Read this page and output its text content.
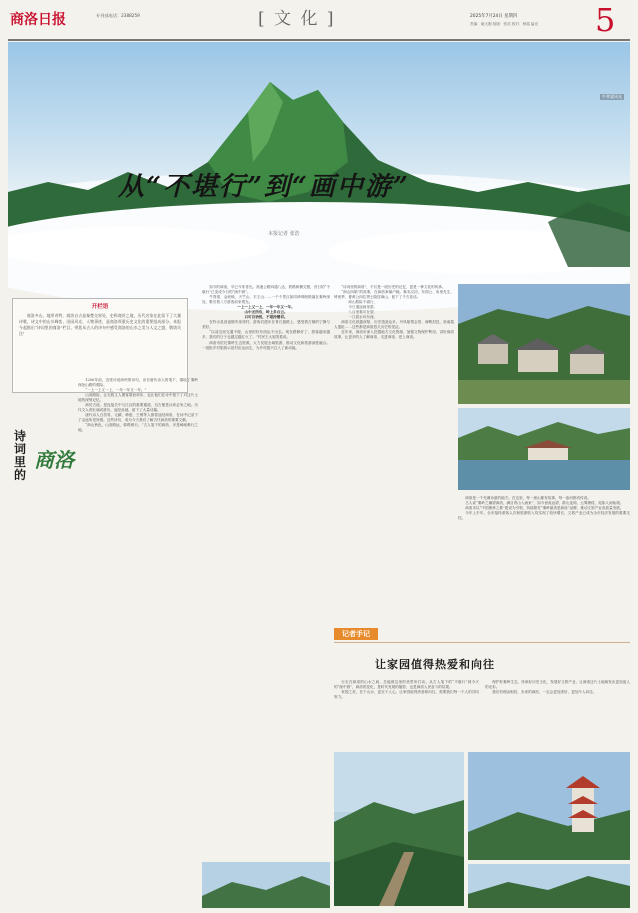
商洛日报	专刊部电话：2388259	[ 文 化 ]	2025年7月24日 星期四
责编：童大刚 组版：张浩 校对：杨铭 猛光 5
牛背梁风光
从“不堪行”到“画中游”
本报记者 张浩
开栏语
商洛多山，地形奇特，商洛自古是秦楚交界处，史称商於之地，历代名家在此留下了大量诗歌，诗文中的山川峰峦、田园风光、人物事迹，是商洛厚重历史文化的重要组成部分。本报今起推出“诗词里的商洛”栏目，带您从古人的诗句中感受商洛的山水之美与人文之盛，敬请关注！
诗词里的
商洛

1200年前，近张评说商州的诗句，出自唐代诗人的笔下，描绘了秦岭深处山路的艰险。

“一上一上又一上，一年一年又一年。”

山高路险，让无数文人墨客望而却步，也让他们在诗中留下了对这片土地的深刻记忆。

商於古道，是连接关中与江汉的重要通道，自古便是兵家必争之地。历代文人或贬谪或游历，途经此地，留下了大量诗篇。

唐代诗人白居易、元稹、韩愈、王维等人都曾途经商洛，在诗中记录下了沿途所见所感。这些诗句，成为今天我们了解古代商洛的重要文献。

“商山秋色，山高路远，驿路难行。”古人笔下的商洛，多是崎岖难行之地。

如今的商洛，早已今非昔比。高速公路四通八达，铁路纵横交错，昔日的“不堪行”已变成今日的“画中游”。

牛背梁、金丝峡、天竺山、木王山……一个个景区如同珍珠般散落在秦岭深处，吸引着八方游客前来观光。

一上一上又一上，一年一年又一年。

山中无所有，岭上多白云。

只可自怡悦，不堪持赠君。

在柞水县营盘镇朱家湾村，游客们漫步在青石板路上，感受着古镇的宁静与美好。

“以前这里交通不便，山里的好东西运不出去。现在路修好了，游客越来越多，我们的日子也越过越红火了。”村民王大姐笑着说。

商洛市依托秦岭生态资源，大力发展全域旅游，推动文化和旅游深度融合。一批批乡村旅游示范村应运而生，为乡村振兴注入了新动能。

“诗词里的商洛”，不仅是一段历史的记忆，更是一种文化的传承。

“商山四皓”的故事，在商洛家喻户晓。秦末汉初，东园公、甪里先生、绮里季、夏黄公四位贤士隐居商山，留下了千古佳话。

商山路险不堪行，

今日通途画里游。

八百里秦川在望，

一江碧水向东流。

商洛文化底蕴深厚，历史遗迹众多。丹凤船帮会馆、商鞅封邑、洛南猿人遗址……这些都是商洛悠久历史的见证。

近年来，商洛市深入挖掘地方文化资源，加强文物保护利用，讲好商洛故事，让更多的人了解商洛、走进商洛、爱上商洛。

商洛是一个充满诗意的地方。在这里，每一座山都有故事，每一条河都有传说。

古人说“秦岭之巅望商洛，满目青山入画来”，如今登高远望，群山连绵，云雾缭绕，宛如人间仙境。

商洛市以“中国康养之都”建设为引领，持续擦亮“秦岭最美是商洛”品牌，推动文旅产业高质量发展。

今年上半年，全市接待游客人次和旅游收入均实现了较快增长，文旅产业已成为全市经济发展的重要支柱。

记者手记
让家园值得热爱和向往

行走在商洛的山水之间，总能被这里的美景所打动。从古人笔下的“不堪行”到今天的“画中游”，商洛的变化，是时代发展的缩影，也是商洛人民奋斗的结果。

家园之美，在于山水，更在于人心。让家园值得热爱和向往，需要我们每一个人的共同努力。

保护好秦岭生态，传承好历史文化，发展好文旅产业，让商洛这片土地焕发出更加迷人的光彩。

我们有理由相信，未来的商洛，一定会更加美好，更加令人向往。
